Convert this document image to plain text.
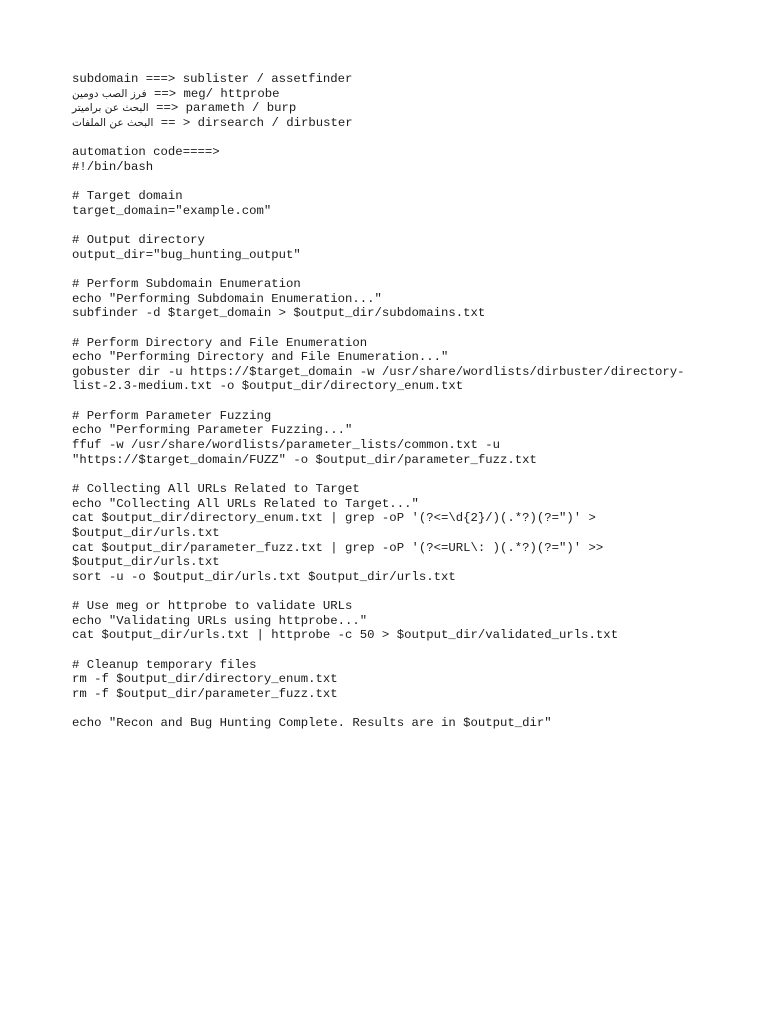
subdomain ===> sublister / assetfinder
فرز الصب دومين ==> meg/ httprobe
البحث عن براميتر ==> parameth / burp
البحث عن الملفات == > dirsearch / dirbuster
automation code====>
#!/bin/bash
# Target domain
target_domain="example.com"
# Output directory
output_dir="bug_hunting_output"
# Perform Subdomain Enumeration
echo "Performing Subdomain Enumeration..."
subfinder -d $target_domain > $output_dir/subdomains.txt
# Perform Directory and File Enumeration
echo "Performing Directory and File Enumeration..."
gobuster dir -u https://$target_domain -w /usr/share/wordlists/dirbuster/directory-
list-2.3-medium.txt -o $output_dir/directory_enum.txt
# Perform Parameter Fuzzing
echo "Performing Parameter Fuzzing..."
ffuf -w /usr/share/wordlists/parameter_lists/common.txt -u
"https://$target_domain/FUZZ" -o $output_dir/parameter_fuzz.txt
# Collecting All URLs Related to Target
echo "Collecting All URLs Related to Target..."
cat $output_dir/directory_enum.txt | grep -oP '(?<=\d{2}/)(.*?)(?=")' >
$output_dir/urls.txt
cat $output_dir/parameter_fuzz.txt | grep -oP '(?<=URL\: )(.*?)(?=")' >>
$output_dir/urls.txt
sort -u -o $output_dir/urls.txt $output_dir/urls.txt
# Use meg or httprobe to validate URLs
echo "Validating URLs using httprobe..."
cat $output_dir/urls.txt | httprobe -c 50 > $output_dir/validated_urls.txt
# Cleanup temporary files
rm -f $output_dir/directory_enum.txt
rm -f $output_dir/parameter_fuzz.txt
echo "Recon and Bug Hunting Complete. Results are in $output_dir"
